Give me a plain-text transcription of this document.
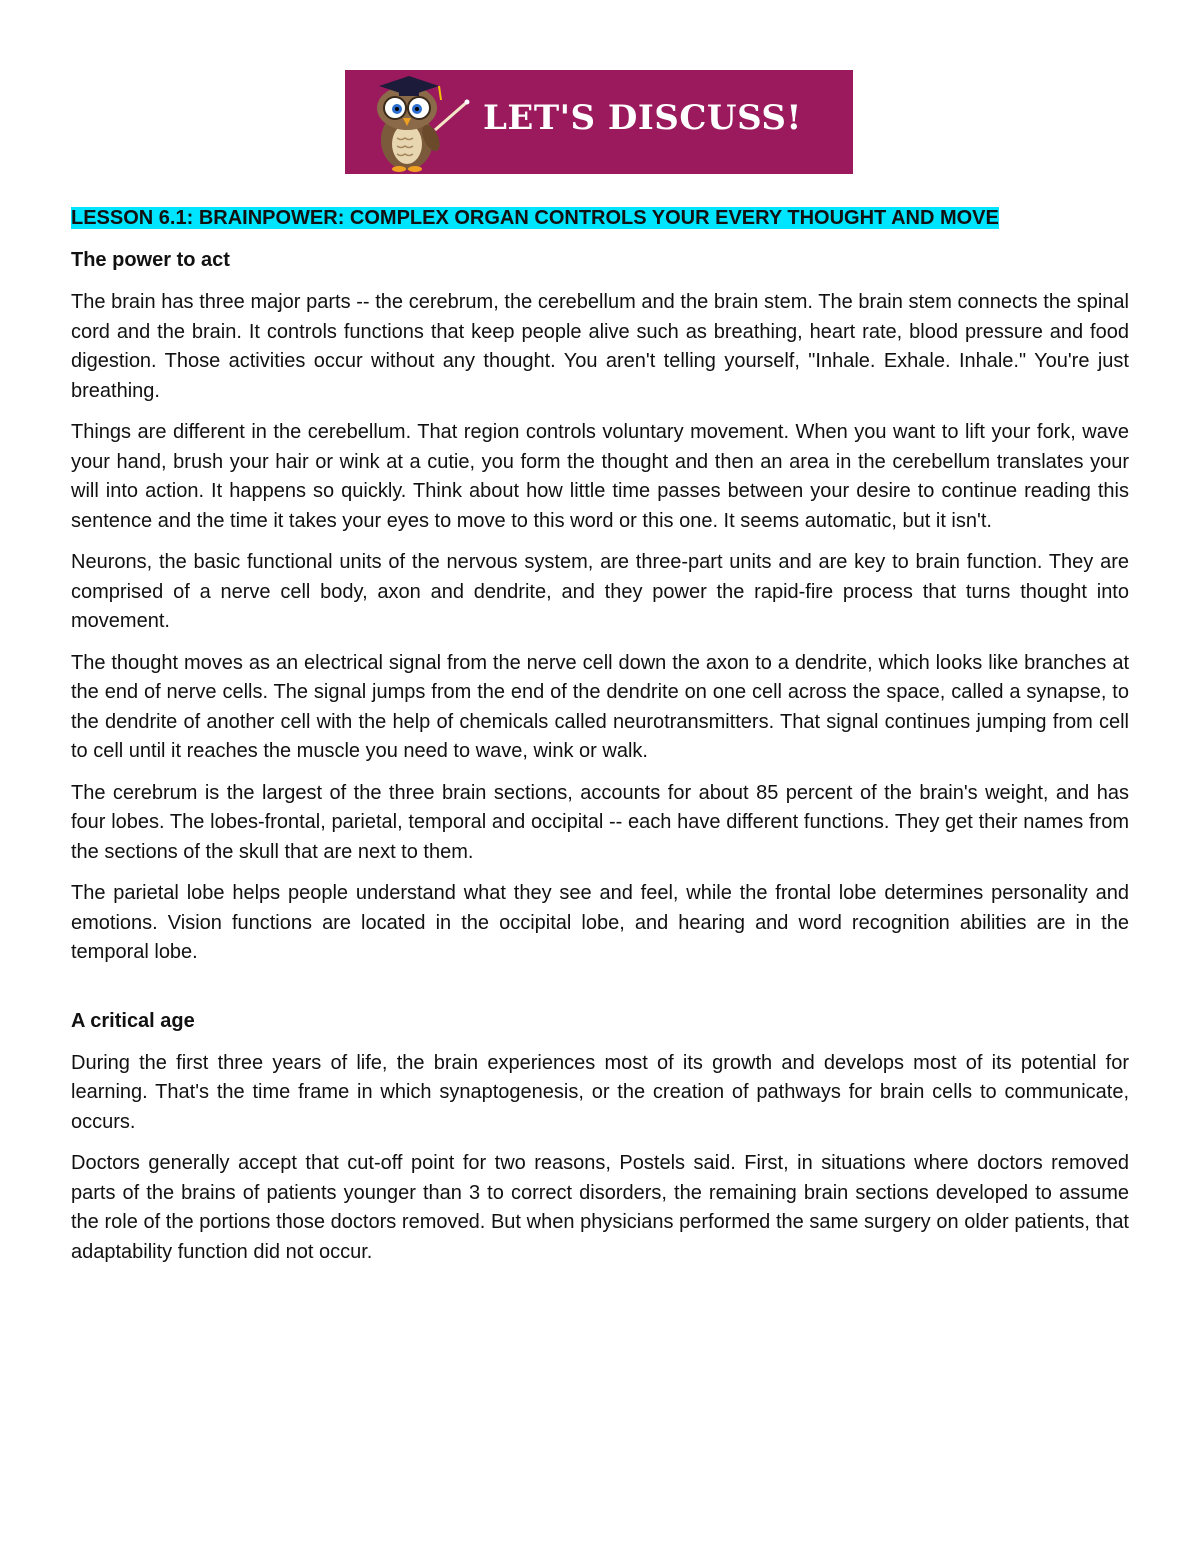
LET'S DISCUSS!
LESSON 6.1: BRAINPOWER: COMPLEX ORGAN CONTROLS YOUR EVERY THOUGHT AND MOVE
The power to act

The brain has three major parts -- the cerebrum, the cerebellum and the brain stem. The brain stem connects the spinal cord and the brain. It controls functions that keep people alive such as breathing, heart rate, blood pressure and food digestion. Those activities occur without any thought. You aren't telling yourself, "Inhale. Exhale. Inhale." You're just breathing.

Things are different in the cerebellum. That region controls voluntary movement. When you want to lift your fork, wave your hand, brush your hair or wink at a cutie, you form the thought and then an area in the cerebellum translates your will into action. It happens so quickly. Think about how little time passes between your desire to continue reading this sentence and the time it takes your eyes to move to this word or this one. It seems automatic, but it isn't.

Neurons, the basic functional units of the nervous system, are three-part units and are key to brain function. They are comprised of a nerve cell body, axon and dendrite, and they power the rapid-fire process that turns thought into movement.

The thought moves as an electrical signal from the nerve cell down the axon to a dendrite, which looks like branches at the end of nerve cells. The signal jumps from the end of the dendrite on one cell across the space, called a synapse, to the dendrite of another cell with the help of chemicals called neurotransmitters. That signal continues jumping from cell to cell until it reaches the muscle you need to wave, wink or walk.

The cerebrum is the largest of the three brain sections, accounts for about 85 percent of the brain's weight, and has four lobes. The lobes-frontal, parietal, temporal and occipital -- each have different functions. They get their names from the sections of the skull that are next to them.

The parietal lobe helps people understand what they see and feel, while the frontal lobe determines personality and emotions. Vision functions are located in the occipital lobe, and hearing and word recognition abilities are in the temporal lobe.

A critical age

During the first three years of life, the brain experiences most of its growth and develops most of its potential for learning. That's the time frame in which synaptogenesis, or the creation of pathways for brain cells to communicate, occurs.

Doctors generally accept that cut-off point for two reasons, Postels said. First, in situations where doctors removed parts of the brains of patients younger than 3 to correct disorders, the remaining brain sections developed to assume the role of the portions those doctors removed. But when physicians performed the same surgery on older patients, that adaptability function did not occur.
